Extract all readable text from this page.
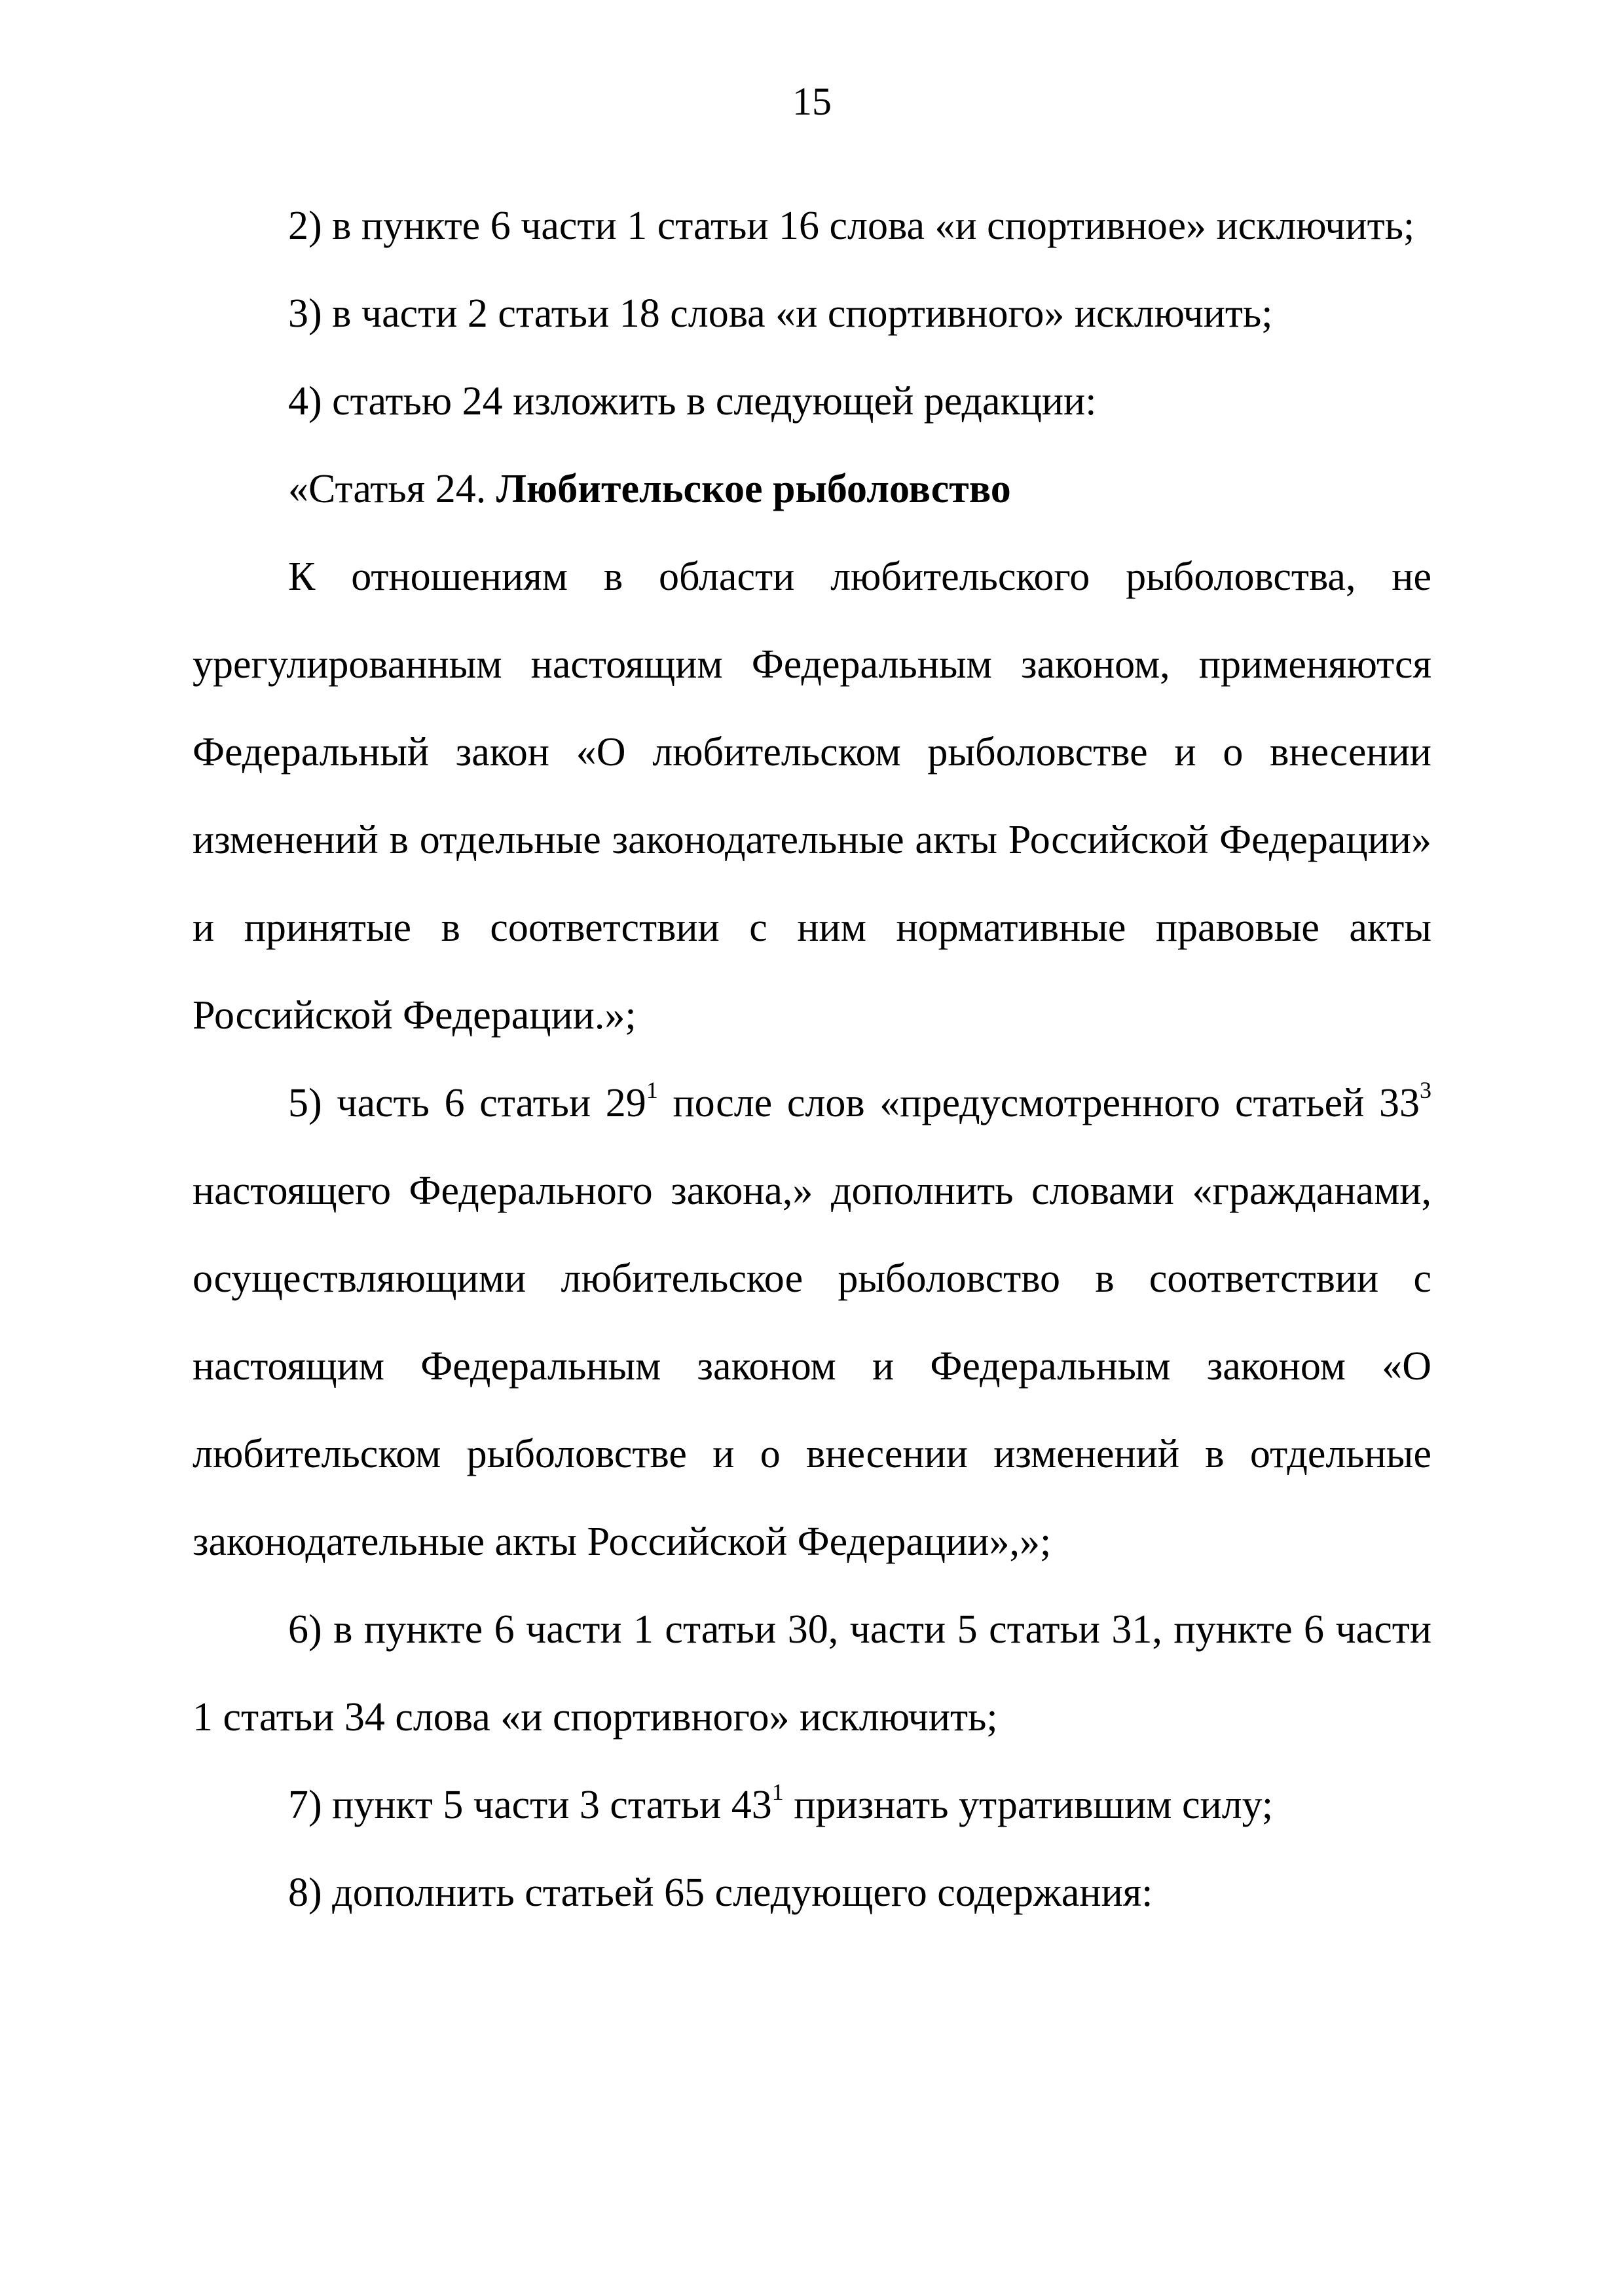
15

2) в пункте 6 части 1 статьи 16 слова «и спортивное» исключить;

3) в части 2 статьи 18 слова «и спортивного» исключить;

4) статью 24 изложить в следующей редакции:

«Статья 24. Любительское рыболовство

К отношениям в области любительского рыболовства, не урегулированным настоящим Федеральным законом, применяются Федеральный закон «О любительском рыболовстве и о внесении изменений в отдельные законодательные акты Российской Федерации» и принятые в соответствии с ним нормативные правовые акты Российской Федерации.»;

5) часть 6 статьи $29^1$ после слов «предусмотренного статьей $33^3$ настоящего Федерального закона,» дополнить словами «гражданами, осуществляющими любительское рыболовство в соответствии с настоящим Федеральным законом и Федеральным законом «О любительском рыболовстве и о внесении изменений в отдельные законодательные акты Российской Федерации»,»;

6) в пункте 6 части 1 статьи 30, части 5 статьи 31, пункте 6 части 1 статьи 34 слова «и спортивного» исключить;

7) пункт 5 части 3 статьи $43^1$ признать утратившим силу;

8) дополнить статьей 65 следующего содержания:
